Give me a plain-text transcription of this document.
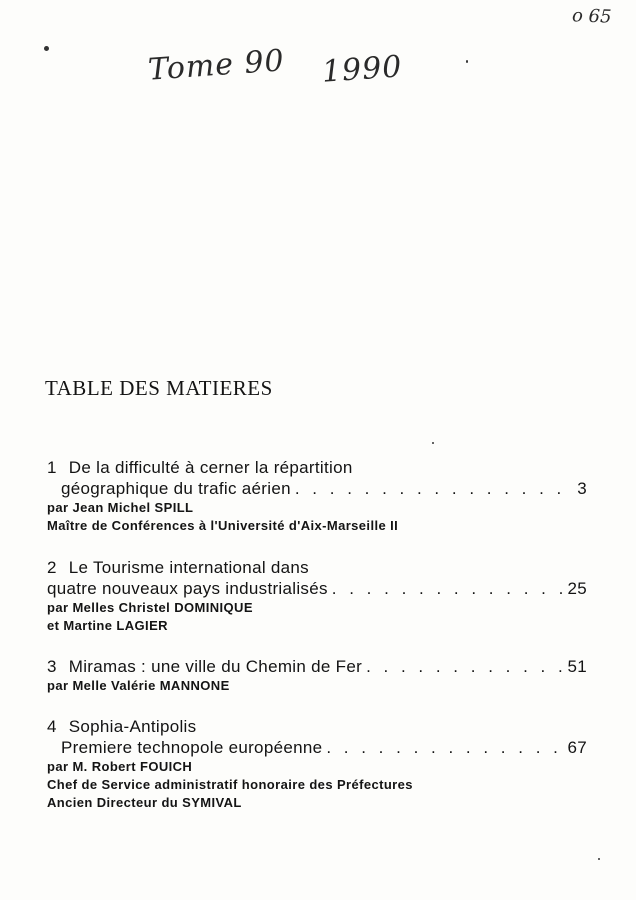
Tome 90 1990
o 65
TABLE DES MATIERES
1 De la difficulté à cerner la répartition
géographique du trafic aérien . . .	3
par Jean Michel SPILL
Maître de Conférences à l'Université d'Aix-Marseille II
2 Le Tourisme international dans
quatre nouveaux pays industrialisés . . .	25
par Melles Christel DOMINIQUE
et Martine LAGIER
3 Miramas : une ville du Chemin de Fer . . .	51
par Melle Valérie MANNONE
4 Sophia-Antipolis
Premiere technopole européenne . . .	67
par M. Robert FOUICH
Chef de Service administratif honoraire des Préfectures
Ancien Directeur du SYMIVAL
